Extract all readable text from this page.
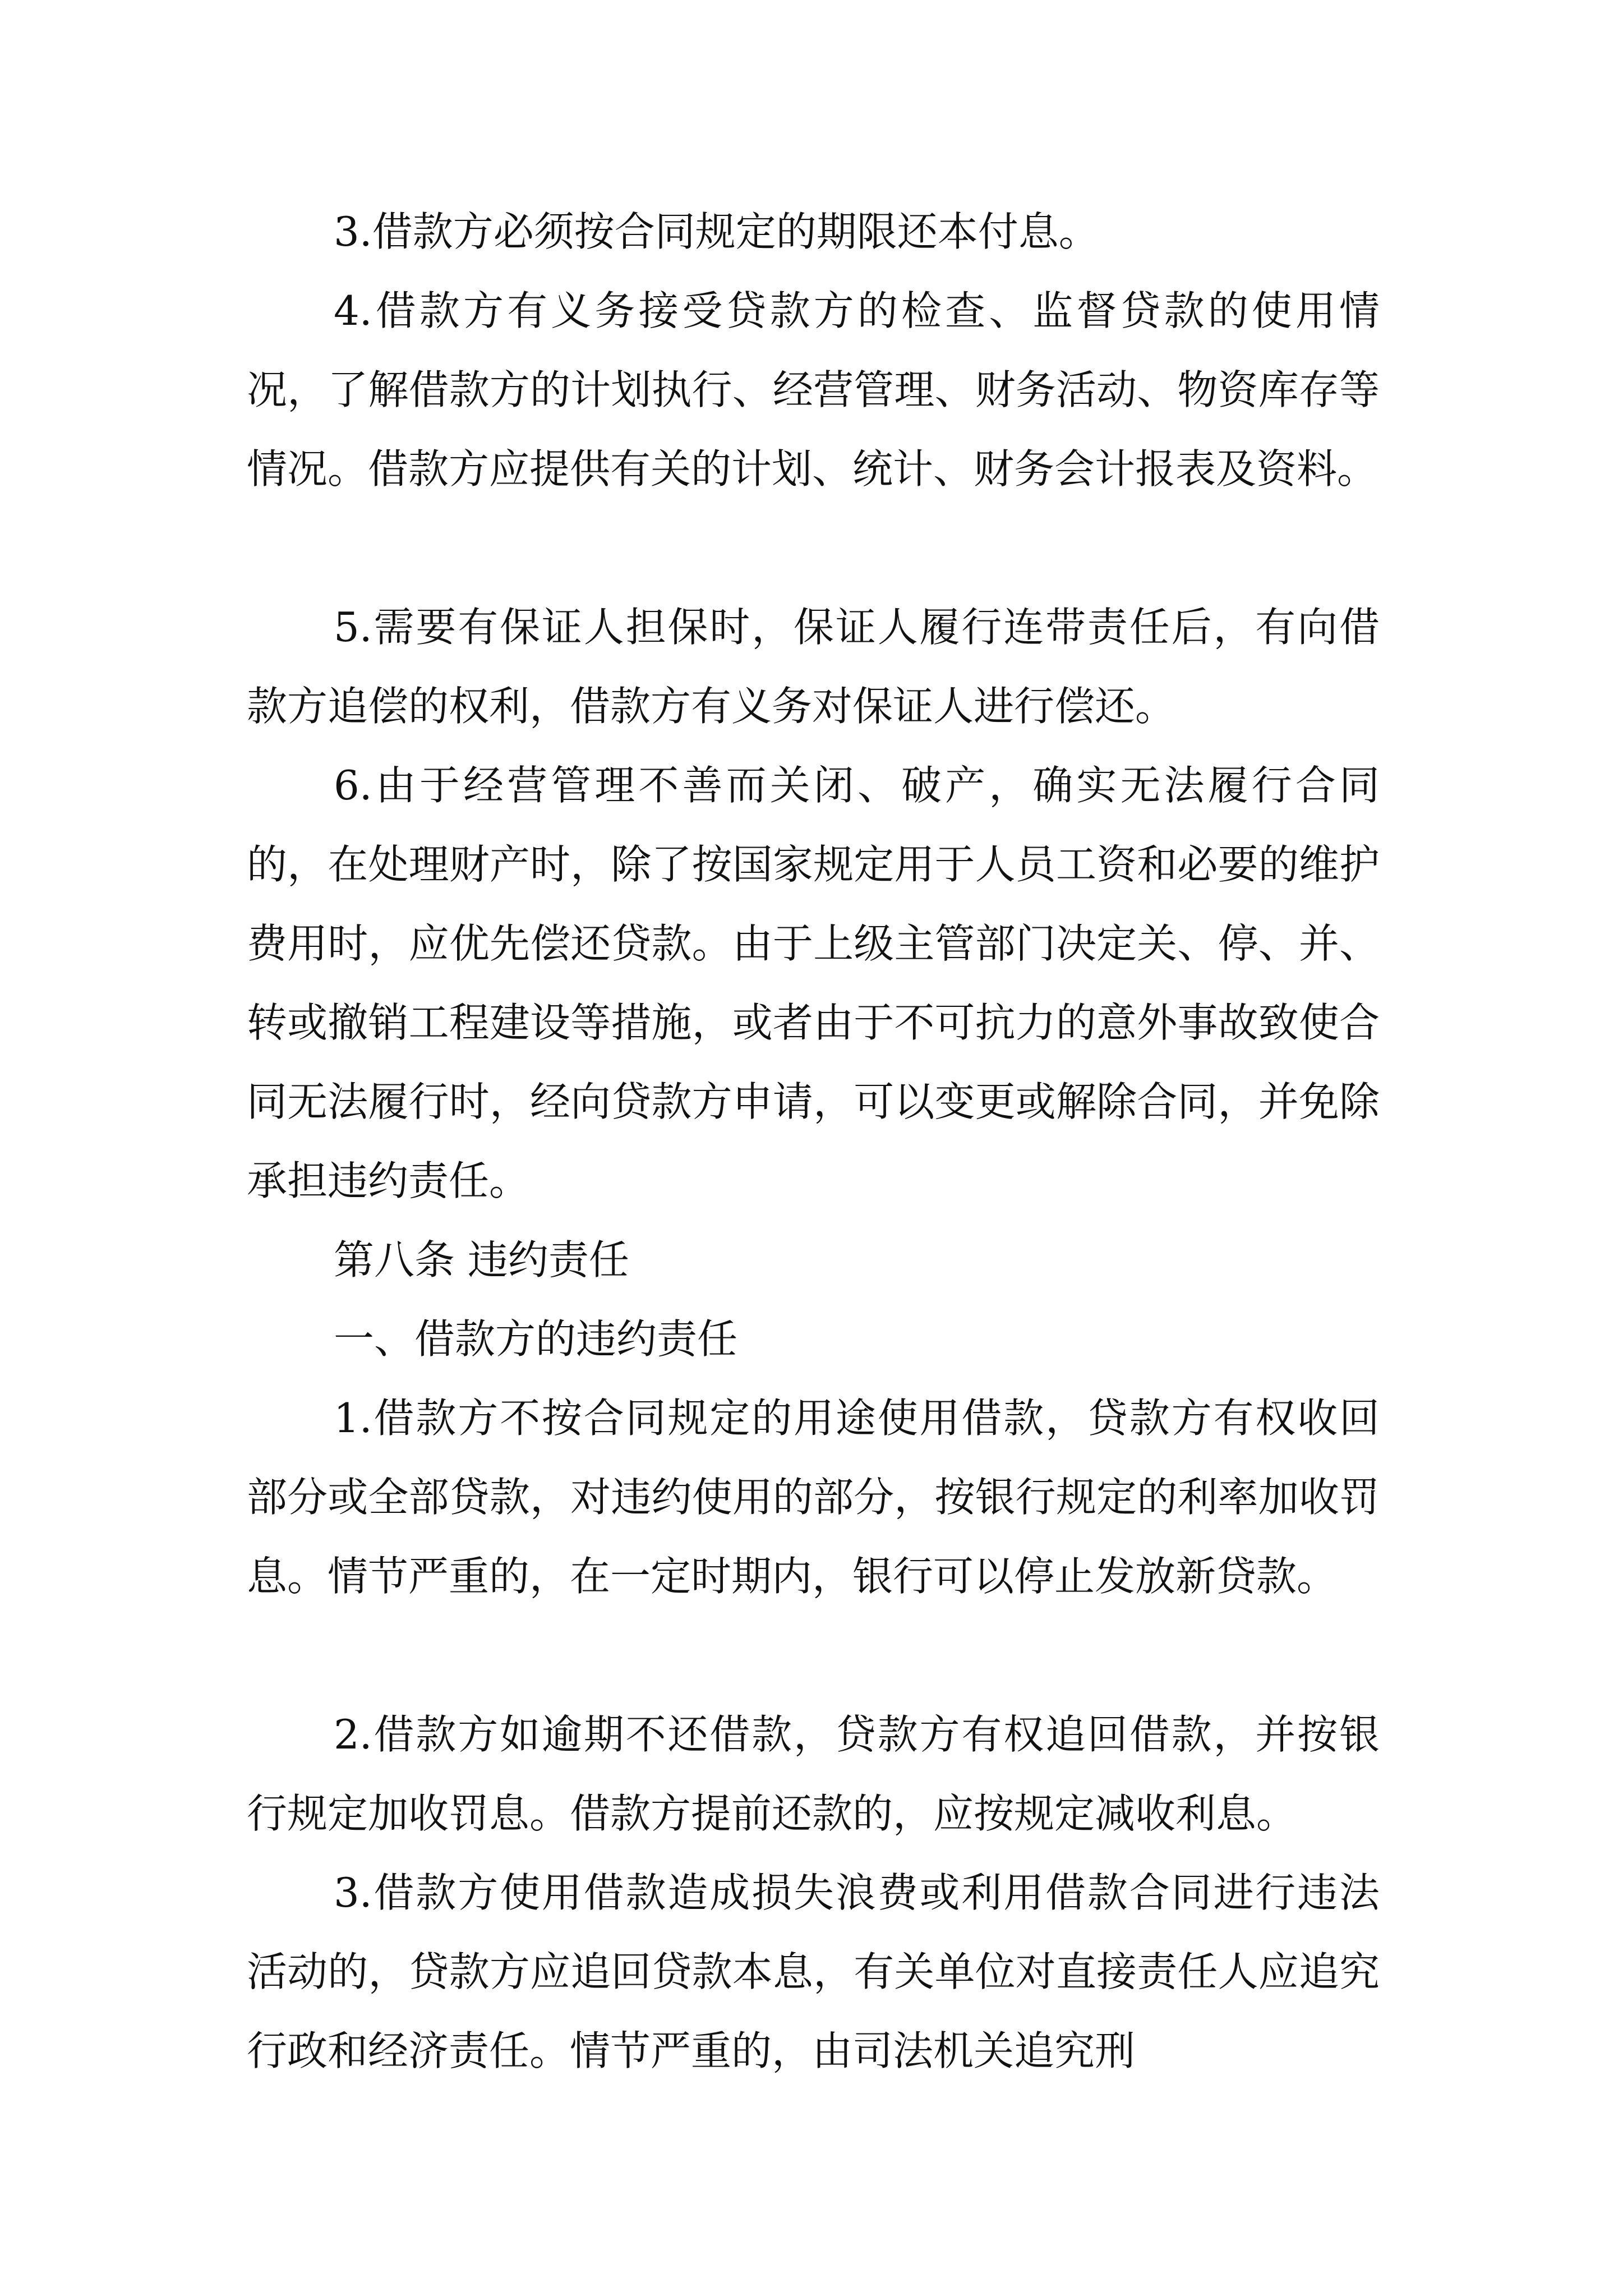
3.借款方必须按合同规定的期限还本付息。

4.借款方有义务接受贷款方的检查、监督贷款的使用情况，了解借款方的计划执行、经营管理、财务活动、物资库存等情况。借款方应提供有关的计划、统计、财务会计报表及资料。

5.需要有保证人担保时，保证人履行连带责任后，有向借款方追偿的权利，借款方有义务对保证人进行偿还。

6.由于经营管理不善而关闭、破产，确实无法履行合同的，在处理财产时，除了按国家规定用于人员工资和必要的维护费用时，应优先偿还贷款。由于上级主管部门决定关、停、并、转或撤销工程建设等措施，或者由于不可抗力的意外事故致使合同无法履行时，经向贷款方申请，可以变更或解除合同，并免除承担违约责任。

第八条 违约责任

一、借款方的违约责任

1.借款方不按合同规定的用途使用借款，贷款方有权收回部分或全部贷款，对违约使用的部分，按银行规定的利率加收罚息。情节严重的，在一定时期内，银行可以停止发放新贷款。

2.借款方如逾期不还借款，贷款方有权追回借款，并按银行规定加收罚息。借款方提前还款的，应按规定减收利息。

3.借款方使用借款造成损失浪费或利用借款合同进行违法活动的，贷款方应追回贷款本息，有关单位对直接责任人应追究行政和经济责任。情节严重的，由司法机关追究刑
